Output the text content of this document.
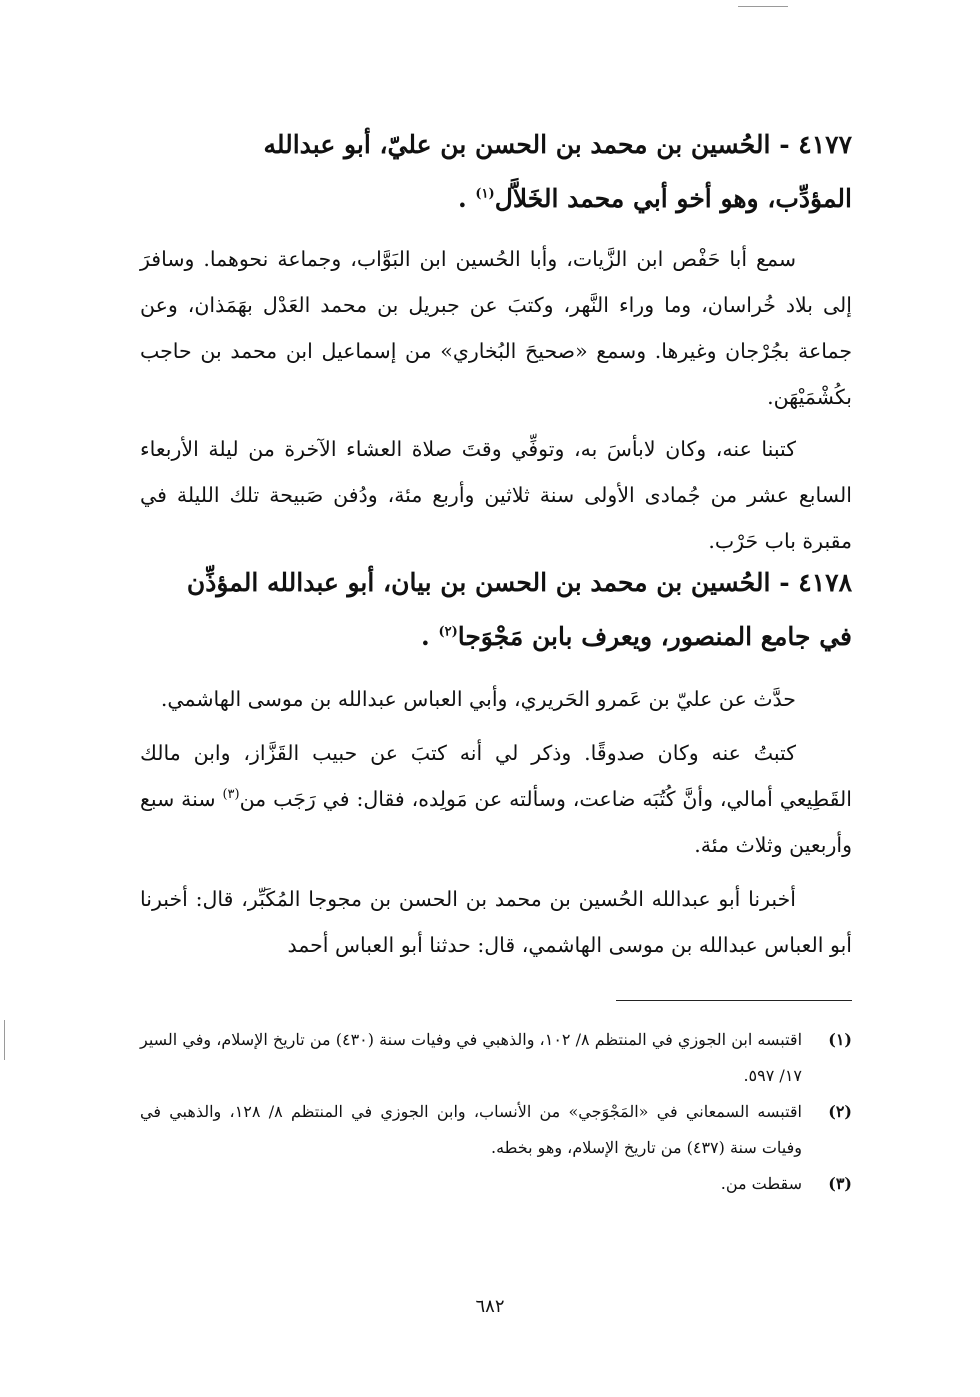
٤١٧٧ - الحُسين بن محمد بن الحسن بن عليّ، أبو عبدالله
المؤدِّب، وهو أخو أبي محمد الخَلاَّل$^{(١)}$ .

سمع أبا حَفْص ابن الزَّيات، وأبا الحُسين ابن البَوَّاب، وجماعة نحوهما. وسافرَ إلى بلاد خُراسان، وما وراء النَّهر، وكتبَ عن جبريل بن محمد العَدْل بهَمَذان، وعن جماعة بجُرْجان وغيرها. وسمع «صحيحَ البُخاري» من إسماعيل ابن محمد بن حاجب بكُشْمَيْهَن.

كتبنا عنه، وكان لابأسَ به، وتوفِّي وقتَ صلاة العشاء الآخرة من ليلة الأربعاء السابع عشر من جُمادى الأولى سنة ثلاثين وأربع مئة، ودُفن صَبيحة تلك الليلة في مقبرة باب حَرْب.

٤١٧٨ - الحُسين بن محمد بن الحسن بن بيان، أبو عبدالله المؤذِّن
في جامع المنصور، ويعرف بابن مَجْوَجا$^{(٢)}$ .

حدَّث عن عليّ بن عَمرو الحَريري، وأبي العباس عبدالله بن موسى الهاشمي.

كتبتُ عنه وكان صدوقًا. وذكر لي أنه كتبَ عن حبيب القَزَّاز، وابن مالك القَطِيعي أمالي، وأنَّ كُتُبَه ضاعت، وسألته عن مَولِده، فقال: في رَجَب من$^{(٣)}$ سنة سبع وأربعين وثلاث مئة.

أخبرنا أبو عبدالله الحُسين بن محمد بن الحسن بن مجوجا المُكَبِّر، قال: أخبرنا أبو العباس عبدالله بن موسى الهاشمي، قال: حدثنا أبو العباس أحمد

(١)
اقتبسه ابن الجوزي في المنتظم ٨/ ١٠٢، والذهبي في وفيات سنة (٤٣٠) من تاريخ الإسلام، وفي السير ١٧/ ٥٩٧.
(٢)
اقتبسه السمعاني في «المَجْوَجي» من الأنساب، وابن الجوزي في المنتظم ٨/ ١٢٨، والذهبي في وفيات سنة (٤٣٧) من تاريخ الإسلام، وهو بخطه.
(٣)
سقطت من.
٦٨٢
